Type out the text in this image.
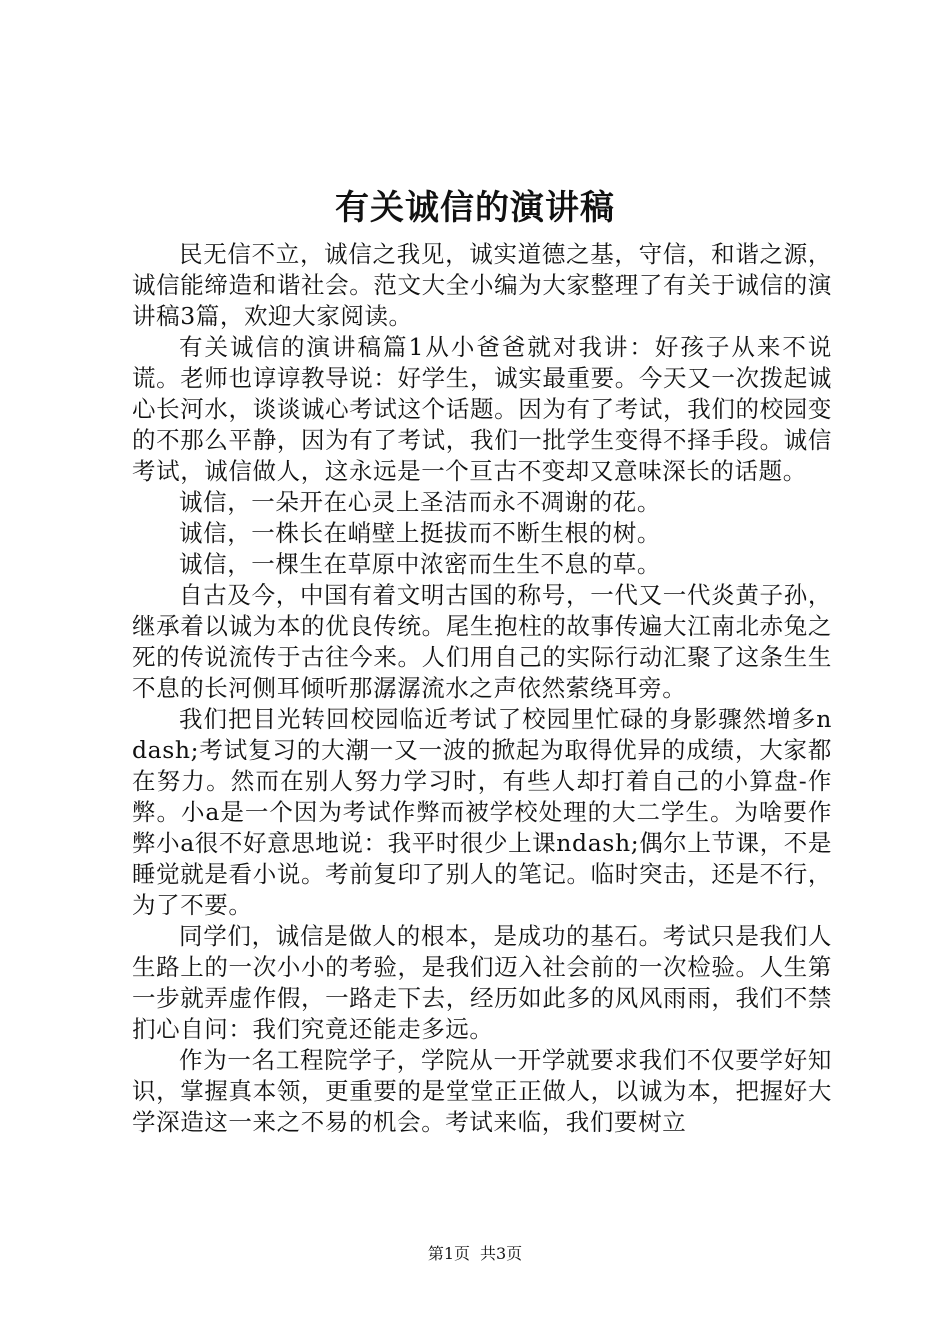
有关诚信的演讲稿

民无信不立，诚信之我见，诚实道德之基，守信，和谐之源，诚信能缔造和谐社会。范文大全小编为大家整理了有关于诚信的演讲稿3篇，欢迎大家阅读。

有关诚信的演讲稿篇1从小爸爸就对我讲：好孩子从来不说谎。老师也谆谆教导说：好学生，诚实最重要。今天又一次拨起诚心长河水，谈谈诚心考试这个话题。因为有了考试，我们的校园变的不那么平静，因为有了考试，我们一批学生变得不择手段。诚信考试，诚信做人，这永远是一个亘古不变却又意味深长的话题。

诚信，一朵开在心灵上圣洁而永不凋谢的花。

诚信，一株长在峭壁上挺拔而不断生根的树。

诚信，一棵生在草原中浓密而生生不息的草。

自古及今，中国有着文明古国的称号，一代又一代炎黄子孙，继承着以诚为本的优良传统。尾生抱柱的故事传遍大江南北赤兔之死的传说流传于古往今来。人们用自己的实际行动汇聚了这条生生不息的长河侧耳倾听那潺潺流水之声依然萦绕耳旁。

我们把目光转回校园临近考试了校园里忙碌的身影骤然增多ndash;考试复习的大潮一又一波的掀起为取得优异的成绩，大家都在努力。然而在别人努力学习时，有些人却打着自己的小算盘-作弊。小a是一个因为考试作弊而被学校处理的大二学生。为啥要作弊小a很不好意思地说：我平时很少上课ndash;偶尔上节课，不是睡觉就是看小说。考前复印了别人的笔记。临时突击，还是不行，为了不要。

同学们，诚信是做人的根本，是成功的基石。考试只是我们人生路上的一次小小的考验，是我们迈入社会前的一次检验。人生第一步就弄虚作假，一路走下去，经历如此多的风风雨雨，我们不禁扪心自问：我们究竟还能走多远。

作为一名工程院学子，学院从一开学就要求我们不仅要学好知识，掌握真本领，更重要的是堂堂正正做人，以诚为本，把握好大学深造这一来之不易的机会。考试来临，我们要树立

第1页 共3页
